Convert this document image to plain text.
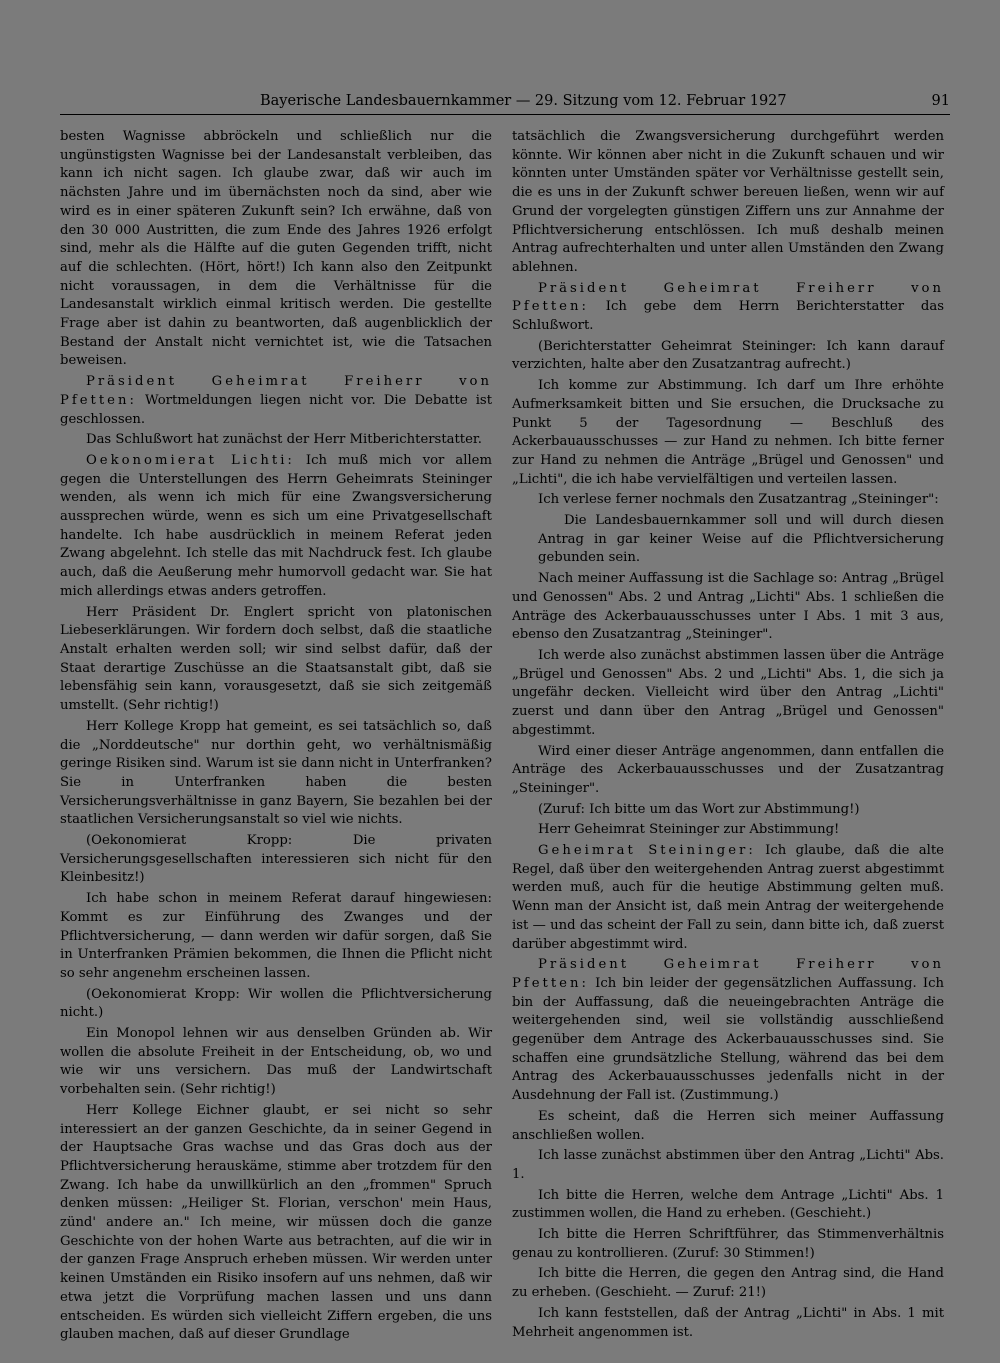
Bayerische Landesbauernkammer — 29. Sitzung vom 12. Februar 1927	91

besten Wagnisse abbröckeln und schließlich nur die ungünstigsten Wagnisse bei der Landesanstalt verbleiben, das kann ich nicht sagen. Ich glaube zwar, daß wir auch im nächsten Jahre und im übernächsten noch da sind, aber wie wird es in einer späteren Zukunft sein? Ich erwähne, daß von den 30 000 Austritten, die zum Ende des Jahres 1926 erfolgt sind, mehr als die Hälfte auf die guten Gegenden trifft, nicht auf die schlechten. (Hört, hört!) Ich kann also den Zeitpunkt nicht voraussagen, in dem die Verhältnisse für die Landesanstalt wirklich einmal kritisch werden. Die gestellte Frage aber ist dahin zu beantworten, daß augenblicklich der Bestand der Anstalt nicht vernichtet ist, wie die Tatsachen beweisen.

Präsident Geheimrat Freiherr von Pfetten: Wortmeldungen liegen nicht vor. Die Debatte ist geschlossen.

Das Schlußwort hat zunächst der Herr Mitberichterstatter.

Oekonomierat Lichti: Ich muß mich vor allem gegen die Unterstellungen des Herrn Geheimrats Steininger wenden, als wenn ich mich für eine Zwangsversicherung aussprechen würde, wenn es sich um eine Privatgesellschaft handelte. Ich habe ausdrücklich in meinem Referat jeden Zwang abgelehnt. Ich stelle das mit Nachdruck fest. Ich glaube auch, daß die Aeußerung mehr humorvoll gedacht war. Sie hat mich allerdings etwas anders getroffen.

Herr Präsident Dr. Englert spricht von platonischen Liebeserklärungen. Wir fordern doch selbst, daß die staatliche Anstalt erhalten werden soll; wir sind selbst dafür, daß der Staat derartige Zuschüsse an die Staatsanstalt gibt, daß sie lebensfähig sein kann, vorausgesetzt, daß sie sich zeitgemäß umstellt. (Sehr richtig!)

Herr Kollege Kropp hat gemeint, es sei tatsächlich so, daß die „Norddeutsche" nur dorthin geht, wo verhältnismäßig geringe Risiken sind. Warum ist sie dann nicht in Unterfranken? Sie in Unterfranken haben die besten Versicherungsverhältnisse in ganz Bayern, Sie bezahlen bei der staatlichen Versicherungsanstalt so viel wie nichts.

(Oekonomierat Kropp: Die privaten Versicherungsgesellschaften interessieren sich nicht für den Kleinbesitz!)

Ich habe schon in meinem Referat darauf hingewiesen: Kommt es zur Einführung des Zwanges und der Pflichtversicherung, — dann werden wir dafür sorgen, daß Sie in Unterfranken Prämien bekommen, die Ihnen die Pflicht nicht so sehr angenehm erscheinen lassen.

(Oekonomierat Kropp: Wir wollen die Pflichtversicherung nicht.)

Ein Monopol lehnen wir aus denselben Gründen ab. Wir wollen die absolute Freiheit in der Entscheidung, ob, wo und wie wir uns versichern. Das muß der Landwirtschaft vorbehalten sein. (Sehr richtig!)

Herr Kollege Eichner glaubt, er sei nicht so sehr interessiert an der ganzen Geschichte, da in seiner Gegend in der Hauptsache Gras wachse und das Gras doch aus der Pflichtversicherung herauskäme, stimme aber trotzdem für den Zwang. Ich habe da unwillkürlich an den „frommen" Spruch denken müssen: „Heiliger St. Florian, verschon' mein Haus, zünd' andere an." Ich meine, wir müssen doch die ganze Geschichte von der hohen Warte aus betrachten, auf die wir in der ganzen Frage Anspruch erheben müssen. Wir werden unter keinen Umständen ein Risiko insofern auf uns nehmen, daß wir etwa jetzt die Vorprüfung machen lassen und uns dann entscheiden. Es würden sich vielleicht Ziffern ergeben, die uns glauben machen, daß auf dieser Grundlage

tatsächlich die Zwangsversicherung durchgeführt werden könnte. Wir können aber nicht in die Zukunft schauen und wir könnten unter Umständen später vor Verhältnisse gestellt sein, die es uns in der Zukunft schwer bereuen ließen, wenn wir auf Grund der vorgelegten günstigen Ziffern uns zur Annahme der Pflichtversicherung entschlössen. Ich muß deshalb meinen Antrag aufrechterhalten und unter allen Umständen den Zwang ablehnen.

Präsident Geheimrat Freiherr von Pfetten: Ich gebe dem Herrn Berichterstatter das Schlußwort.

(Berichterstatter Geheimrat Steininger: Ich kann darauf verzichten, halte aber den Zusatzantrag aufrecht.)

Ich komme zur Abstimmung. Ich darf um Ihre erhöhte Aufmerksamkeit bitten und Sie ersuchen, die Drucksache zu Punkt 5 der Tagesordnung — Beschluß des Ackerbauausschusses — zur Hand zu nehmen. Ich bitte ferner zur Hand zu nehmen die Anträge „Brügel und Genossen" und „Lichti", die ich habe vervielfältigen und verteilen lassen.

Ich verlese ferner nochmals den Zusatzantrag „Steininger":

Die Landesbauernkammer soll und will durch diesen Antrag in gar keiner Weise auf die Pflichtversicherung gebunden sein.

Nach meiner Auffassung ist die Sachlage so: Antrag „Brügel und Genossen" Abs. 2 und Antrag „Lichti" Abs. 1 schließen die Anträge des Ackerbauausschusses unter I Abs. 1 mit 3 aus, ebenso den Zusatzantrag „Steininger".

Ich werde also zunächst abstimmen lassen über die Anträge „Brügel und Genossen" Abs. 2 und „Lichti" Abs. 1, die sich ja ungefähr decken. Vielleicht wird über den Antrag „Lichti" zuerst und dann über den Antrag „Brügel und Genossen" abgestimmt.

Wird einer dieser Anträge angenommen, dann entfallen die Anträge des Ackerbauausschusses und der Zusatzantrag „Steininger".

(Zuruf: Ich bitte um das Wort zur Abstimmung!)

Herr Geheimrat Steininger zur Abstimmung!

Geheimrat Steininger: Ich glaube, daß die alte Regel, daß über den weitergehenden Antrag zuerst abgestimmt werden muß, auch für die heutige Abstimmung gelten muß. Wenn man der Ansicht ist, daß mein Antrag der weitergehende ist — und das scheint der Fall zu sein, dann bitte ich, daß zuerst darüber abgestimmt wird.

Präsident Geheimrat Freiherr von Pfetten: Ich bin leider der gegensätzlichen Auffassung. Ich bin der Auffassung, daß die neueingebrachten Anträge die weitergehenden sind, weil sie vollständig ausschließend gegenüber dem Antrage des Ackerbauausschusses sind. Sie schaffen eine grundsätzliche Stellung, während das bei dem Antrag des Ackerbauausschusses jedenfalls nicht in der Ausdehnung der Fall ist. (Zustimmung.)

Es scheint, daß die Herren sich meiner Auffassung anschließen wollen.

Ich lasse zunächst abstimmen über den Antrag „Lichti" Abs. 1.

Ich bitte die Herren, welche dem Antrage „Lichti" Abs. 1 zustimmen wollen, die Hand zu erheben. (Geschieht.)

Ich bitte die Herren Schriftführer, das Stimmenverhältnis genau zu kontrollieren. (Zuruf: 30 Stimmen!)

Ich bitte die Herren, die gegen den Antrag sind, die Hand zu erheben. (Geschieht. — Zuruf: 21!)

Ich kann feststellen, daß der Antrag „Lichti" in Abs. 1 mit Mehrheit angenommen ist.
